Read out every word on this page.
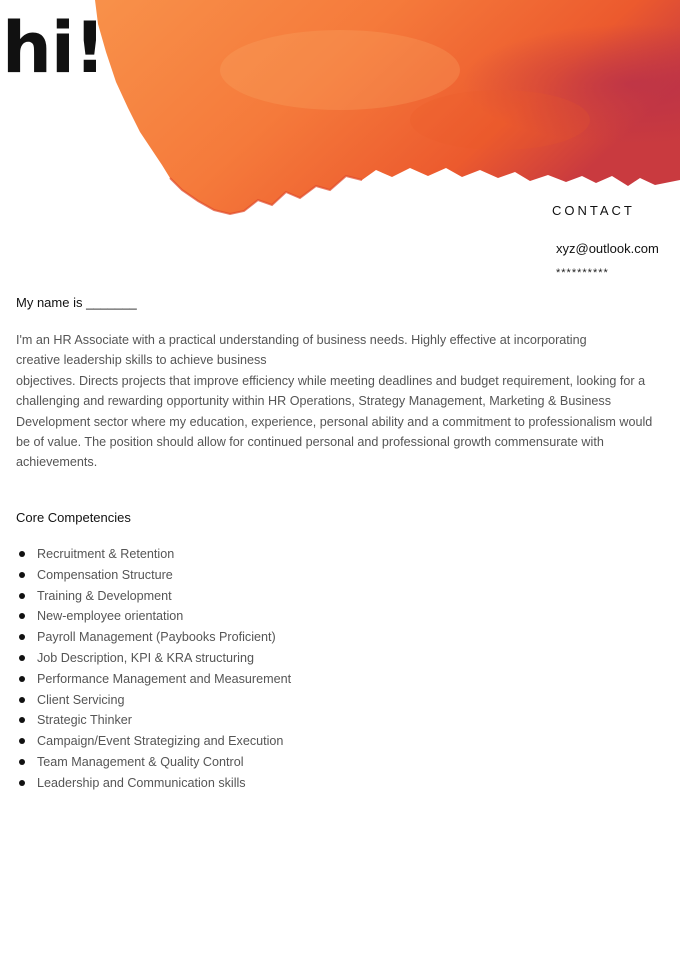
hi!
CONTACT
xyz@outlook.com
**********
My name is _______
I'm an HR Associate with a practical understanding of business needs. Highly effective at incorporating
creative leadership skills to achieve business
objectives. Directs projects that improve efficiency while meeting deadlines and budget requirement, looking for a
challenging and rewarding opportunity within HR Operations, Strategy Management, Marketing & Business
Development sector where my education, experience, personal ability and a commitment to professionalism would
be of value. The position should allow for continued personal and professional growth commensurate with
achievements.
Core Competencies
Recruitment & Retention
Compensation Structure
Training & Development
New-employee orientation
Payroll Management (Paybooks Proficient)
Job Description, KPI & KRA structuring
Performance Management and Measurement
Client Servicing
Strategic Thinker
Campaign/Event Strategizing and Execution
Team Management & Quality Control
Leadership and Communication skills
